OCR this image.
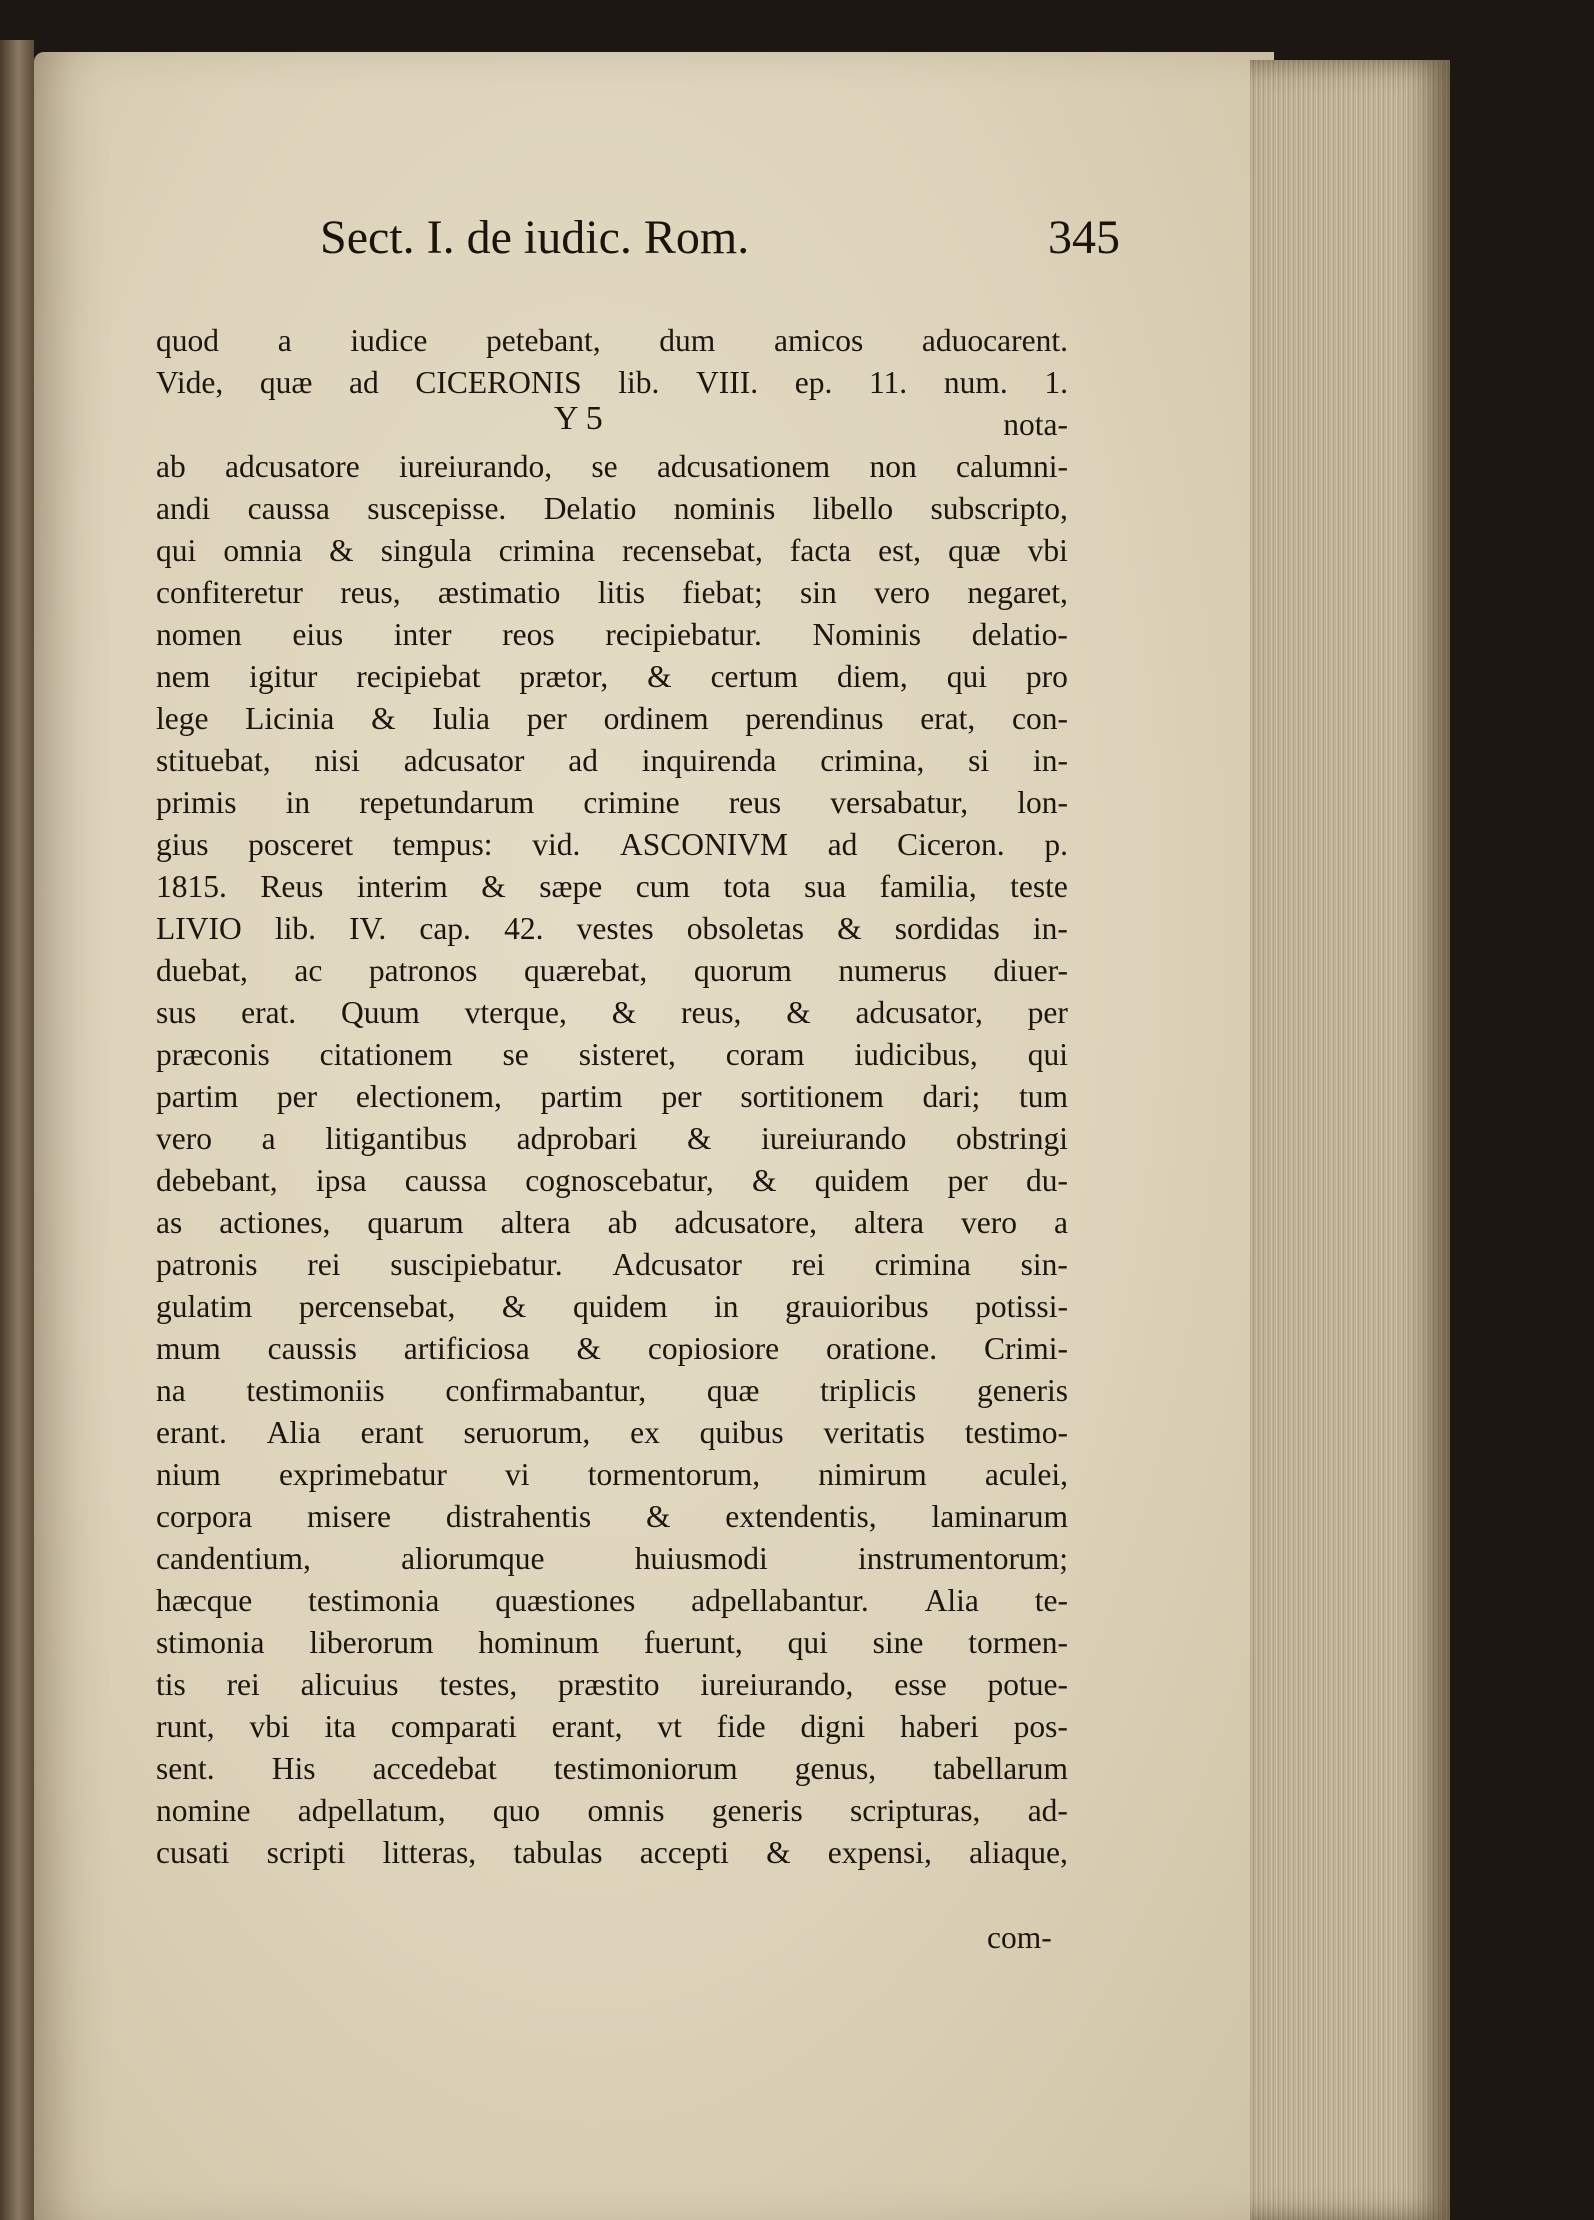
Sect. I. de iudic. Rom.	345
quod a iudice petebant, dum amicos aduocarent.
Vide, quæ ad CICERONIS lib. VIII. ep. 11. num. 1.
Y 5	nota-
ab adcusatore iureiurando, se adcusationem non calumni-
andi caussa suscepisse. Delatio nominis libello subscripto,
qui omnia & singula crimina recensebat, facta est, quæ vbi
confiteretur reus, æstimatio litis fiebat; sin vero negaret,
nomen eius inter reos recipiebatur. Nominis delatio-
nem igitur recipiebat prætor, & certum diem, qui pro
lege Licinia & Iulia per ordinem perendinus erat, con-
stituebat, nisi adcusator ad inquirenda crimina, si in-
primis in repetundarum crimine reus versabatur, lon-
gius posceret tempus: vid. ASCONIVM ad Ciceron. p.
1815. Reus interim & sæpe cum tota sua familia, teste
LIVIO lib. IV. cap. 42. vestes obsoletas & sordidas in-
duebat, ac patronos quærebat, quorum numerus diuer-
sus erat. Quum vterque, & reus, & adcusator, per
præconis citationem se sisteret, coram iudicibus, qui
partim per electionem, partim per sortitionem dari; tum
vero a litigantibus adprobari & iureiurando obstringi
debebant, ipsa caussa cognoscebatur, & quidem per du-
as actiones, quarum altera ab adcusatore, altera vero a
patronis rei suscipiebatur. Adcusator rei crimina sin-
gulatim percensebat, & quidem in grauioribus potissi-
mum caussis artificiosa & copiosiore oratione. Crimi-
na testimoniis confirmabantur, quæ triplicis generis
erant. Alia erant seruorum, ex quibus veritatis testimo-
nium exprimebatur vi tormentorum, nimirum aculei,
corpora misere distrahentis & extendentis, laminarum
candentium,	aliorumque	huiusmodi	instrumentorum;
hæcque testimonia quæstiones adpellabantur. Alia te-
stimonia liberorum hominum fuerunt, qui sine tormen-
tis rei alicuius testes, præstito iureiurando, esse potue-
runt, vbi ita comparati erant, vt fide digni haberi pos-
sent. His accedebat testimoniorum genus, tabellarum
nomine adpellatum, quo omnis generis scripturas, ad-
cusati scripti litteras, tabulas accepti & expensi, aliaque,
com-
